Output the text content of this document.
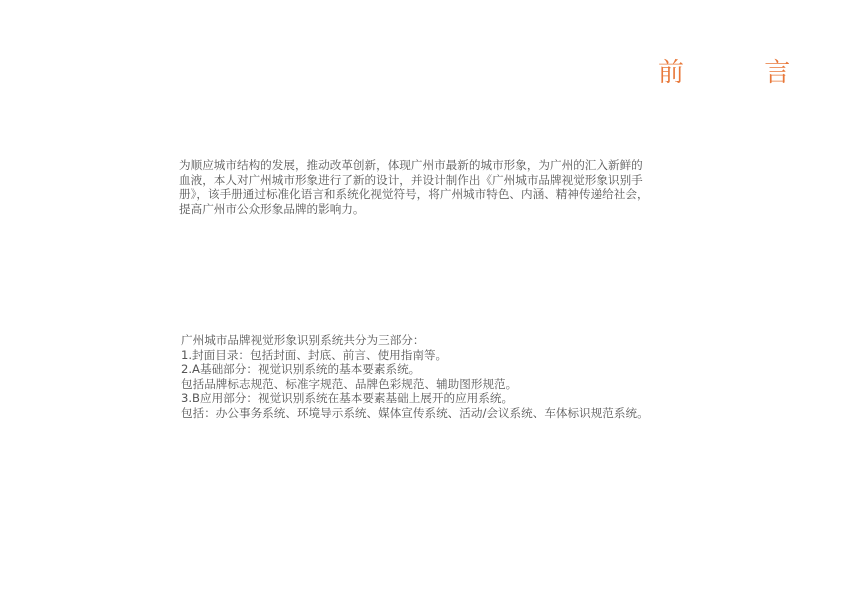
前 言
为顺应城市结构的发展，推动改革创新，体现广州市最新的城市形象，为广州的汇入新鲜的
血液，本人对广州城市形象进行了新的设计，并设计制作出《广州城市品牌视觉形象识别手
册》，该手册通过标准化语言和系统化视觉符号，将广州城市特色、内涵、精神传递给社会，
提高广州市公众形象品牌的影响力。
广州城市品牌视觉形象识别系统共分为三部分：
1.封面目录：包括封面、封底、前言、使用指南等。
2.A基础部分：视觉识别系统的基本要素系统。
包括品牌标志规范、标准字规范、品牌色彩规范、辅助图形规范。
3.B应用部分：视觉识别系统在基本要素基础上展开的应用系统。
包括：办公事务系统、环境导示系统、媒体宣传系统、活动/会议系统、车体标识规范系统。
